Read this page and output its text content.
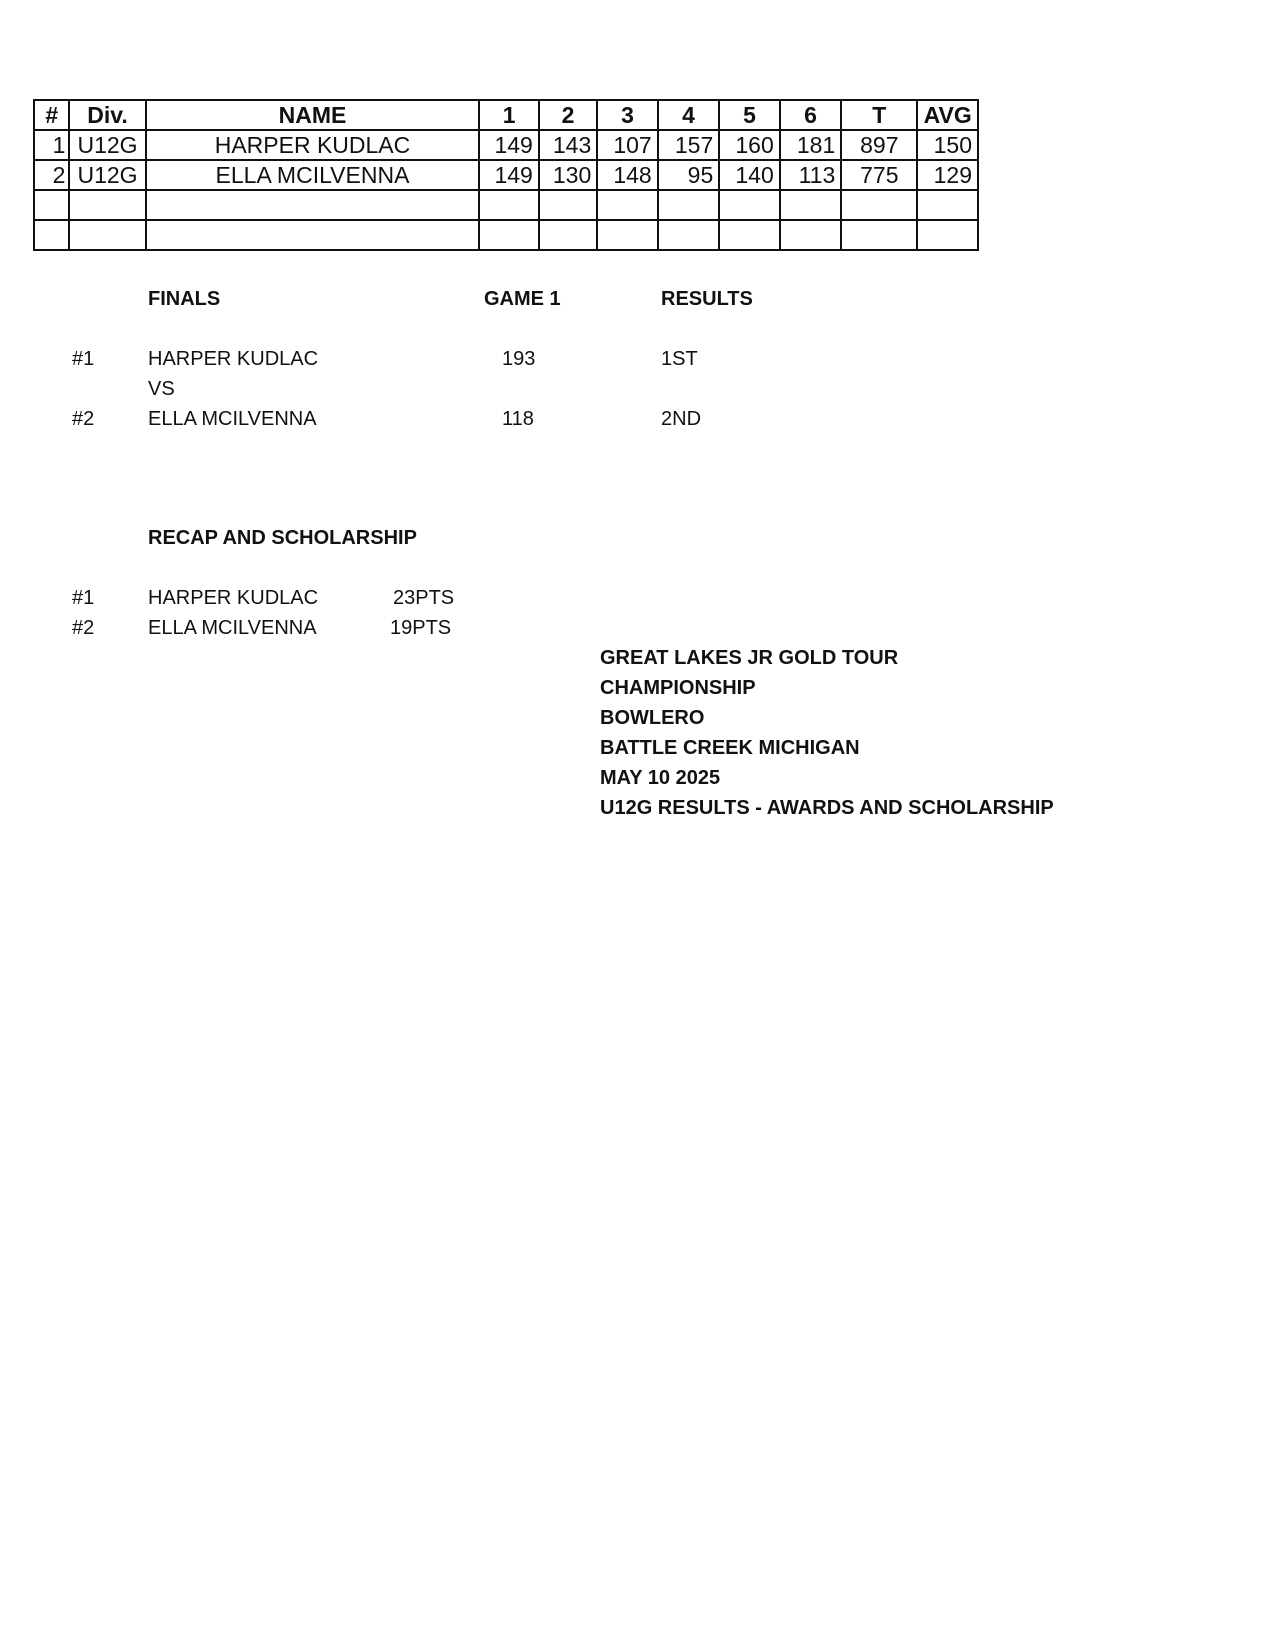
#	Div.	NAME	1	2	3	4	5	6	T	AVG
1	U12G	HARPER KUDLAC	149	143	107	157	160	181	897	150
2	U12G	ELLA MCILVENNA	149	130	148	95	140	113	775	129

FINALS	GAME 1	RESULTS
#1	HARPER KUDLAC	193	1ST
VS
#2	ELLA MCILVENNA	118	2ND
RECAP AND SCHOLARSHIP
#1	HARPER KUDLAC	23PTS
#2	ELLA MCILVENNA	19PTS
GREAT LAKES JR GOLD TOUR
CHAMPIONSHIP
BOWLERO
BATTLE CREEK MICHIGAN
MAY 10 2025
U12G RESULTS - AWARDS AND SCHOLARSHIP
